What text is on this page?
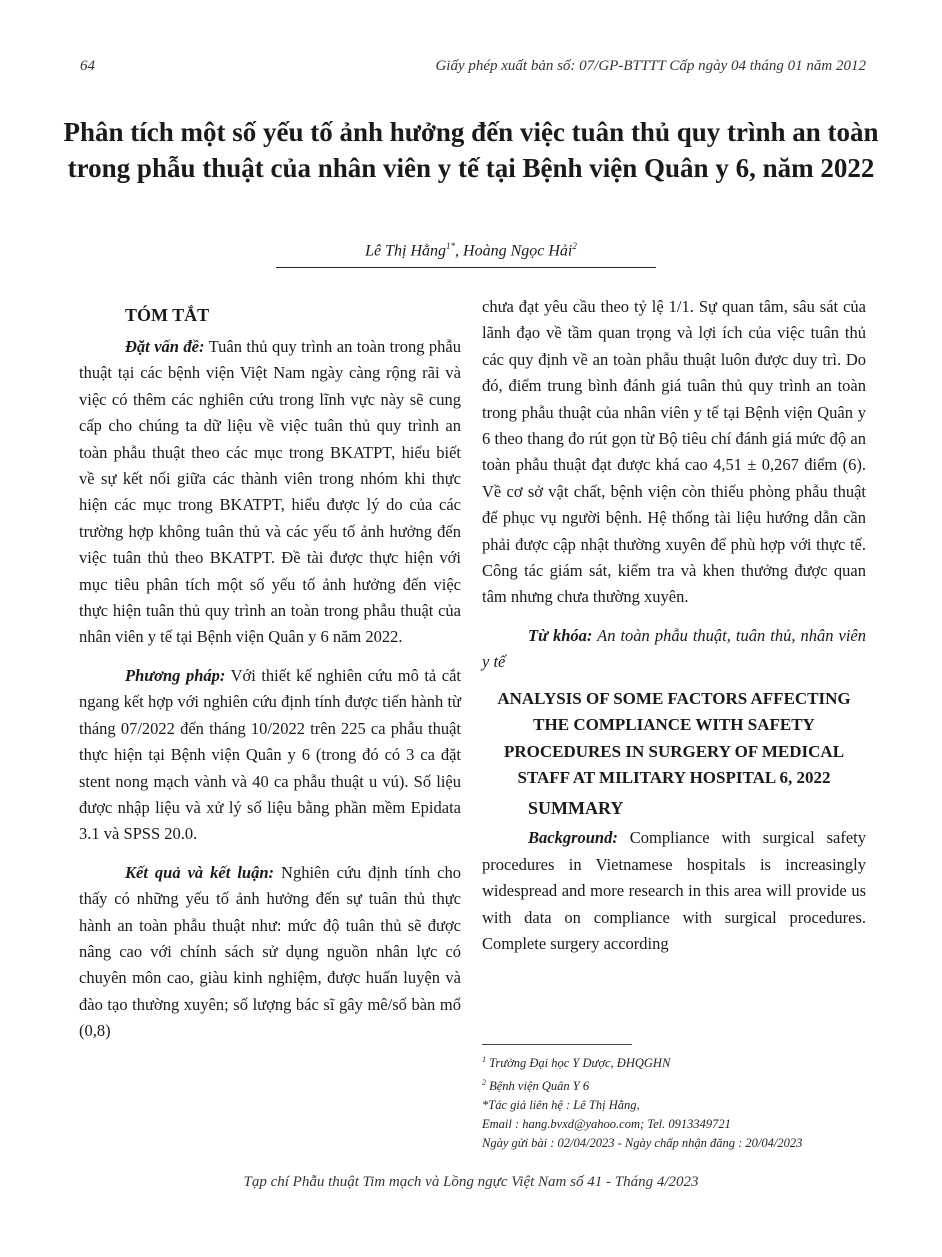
64	Giấy phép xuất bản số: 07/GP-BTTTT Cấp ngày 04 tháng 01 năm 2012
Phân tích một số yếu tố ảnh hưởng đến việc tuân thủ quy trình an toàn trong phẫu thuật của nhân viên y tế tại Bệnh viện Quân y 6, năm 2022
Lê Thị Hằng$^{1*}$, Hoàng Ngọc Hải$^2$
TÓM TẮT

Đặt vấn đề: Tuân thủ quy trình an toàn trong phẫu thuật tại các bệnh viện Việt Nam ngày càng rộng rãi và việc có thêm các nghiên cứu trong lĩnh vực này sẽ cung cấp cho chúng ta dữ liệu về việc tuân thủ quy trình an toàn phẫu thuật theo các mục trong BKATPT, hiểu biết về sự kết nối giữa các thành viên trong nhóm khi thực hiện các mục trong BKATPT, hiểu được lý do của các trường hợp không tuân thủ và các yếu tố ảnh hưởng đến việc tuân thủ theo BKATPT. Đề tài được thực hiện với mục tiêu phân tích một số yếu tố ảnh hưởng đến việc thực hiện tuân thủ quy trình an toàn trong phẫu thuật của nhân viên y tế tại Bệnh viện Quân y 6 năm 2022.

Phương pháp: Với thiết kế nghiên cứu mô tả cắt ngang kết hợp với nghiên cứu định tính được tiến hành từ tháng 07/2022 đến tháng 10/2022 trên 225 ca phẫu thuật thực hiện tại Bệnh viện Quân y 6 (trong đó có 3 ca đặt stent nong mạch vành và 40 ca phẫu thuật u vú). Số liệu được nhập liệu và xử lý số liệu bằng phần mềm Epidata 3.1 và SPSS 20.0.

Kết quả và kết luận: Nghiên cứu định tính cho thấy có những yếu tố ảnh hưởng đến sự tuân thủ thực hành an toàn phẫu thuật như: mức độ tuân thủ sẽ được nâng cao với chính sách sử dụng nguồn nhân lực có chuyên môn cao, giàu kinh nghiệm, được huấn luyện và đào tạo thường xuyên; số lượng bác sĩ gây mê/số bàn mổ (0,8)

chưa đạt yêu cầu theo tỷ lệ 1/1. Sự quan tâm, sâu sát của lãnh đạo về tầm quan trọng và lợi ích của việc tuân thủ các quy định về an toàn phẫu thuật luôn được duy trì. Do đó, điểm trung bình đánh giá tuân thủ quy trình an toàn trong phẫu thuật của nhân viên y tế tại Bệnh viện Quân y 6 theo thang đo rút gọn từ Bộ tiêu chí đánh giá mức độ an toàn phẫu thuật đạt được khá cao 4,51 ± 0,267 điểm (6). Về cơ sở vật chất, bệnh viện còn thiếu phòng phẫu thuật để phục vụ người bệnh. Hệ thống tài liệu hướng dẫn cần phải được cập nhật thường xuyên để phù hợp với thực tế. Công tác giám sát, kiểm tra và khen thưởng được quan tâm nhưng chưa thường xuyên.

Từ khóa: An toàn phẫu thuật, tuân thủ, nhân viên y tế

ANALYSIS OF SOME FACTORS AFFECTING THE COMPLIANCE WITH SAFETY PROCEDURES IN SURGERY OF MEDICAL STAFF AT MILITARY HOSPITAL 6, 2022
SUMMARY

Background: Compliance with surgical safety procedures in Vietnamese hospitals is increasingly widespread and more research in this area will provide us with data on compliance with surgical procedures. Complete surgery according

$^1$ Trường Đại học Y Dược, ĐHQGHN
$^2$ Bệnh viện Quân Y 6
*Tác giả liên hệ : Lê Thị Hằng,
Email : hang.bvxd@yahoo.com; Tel. 0913349721
Ngày gửi bài : 02/04/2023 - Ngày chấp nhận đăng : 20/04/2023
Tạp chí Phẫu thuật Tim mạch và Lồng ngực Việt Nam số 41 - Tháng 4/2023
